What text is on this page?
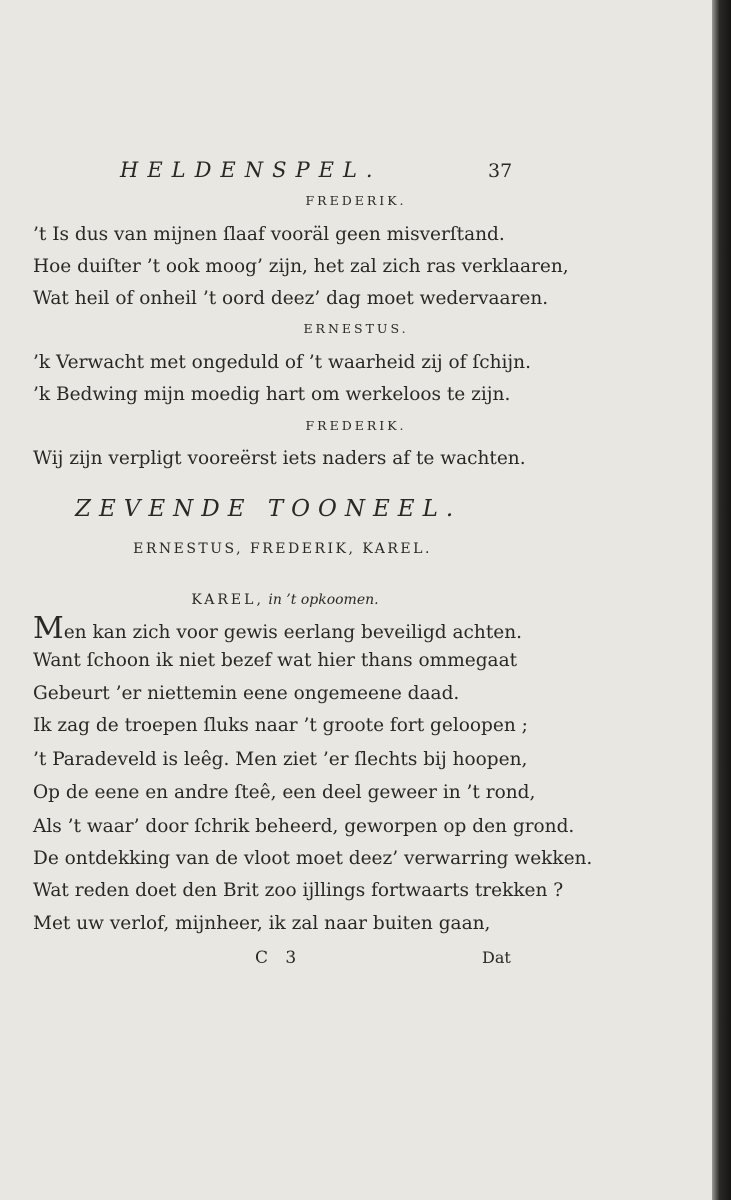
HELDENSPEL.	37
FREDERIK.
’t Is dus van mijnen ſlaaf vooräl geen misverſtand.
Hoe duiſter ’t ook moog’ zijn, het zal zich ras verklaaren,
Wat heil of onheil ’t oord deez’ dag moet wedervaaren.
ERNESTUS.
’k Verwacht met ongeduld of ’t waarheid zij of ſchijn.
’k Bedwing mijn moedig hart om werkeloos te zijn.
FREDERIK.
Wij zijn verpligt vooreërst iets naders af te wachten.
ZEVENDE TOONEEL.
ERNESTUS, FREDERIK, KAREL.
KAREL, in ’t opkoomen.
Men kan zich voor gewis eerlang beveiligd achten.
Want ſchoon ik niet bezef wat hier thans ommegaat
Gebeurt ’er niettemin eene ongemeene daad.
Ik zag de troepen ſluks naar ’t groote fort geloopen ;
’t Paradeveld is leêg. Men ziet ’er ſlechts bij hoopen,
Op de eene en andre ſteê, een deel geweer in ’t rond,
Als ’t waar’ door ſchrik beheerd, geworpen op den grond.
De ontdekking van de vloot moet deez’ verwarring wekken.
Wat reden doet den Brit zoo ijllings fortwaarts trekken ?
Met uw verlof, mijnheer, ik zal naar buiten gaan,
C 3	Dat
